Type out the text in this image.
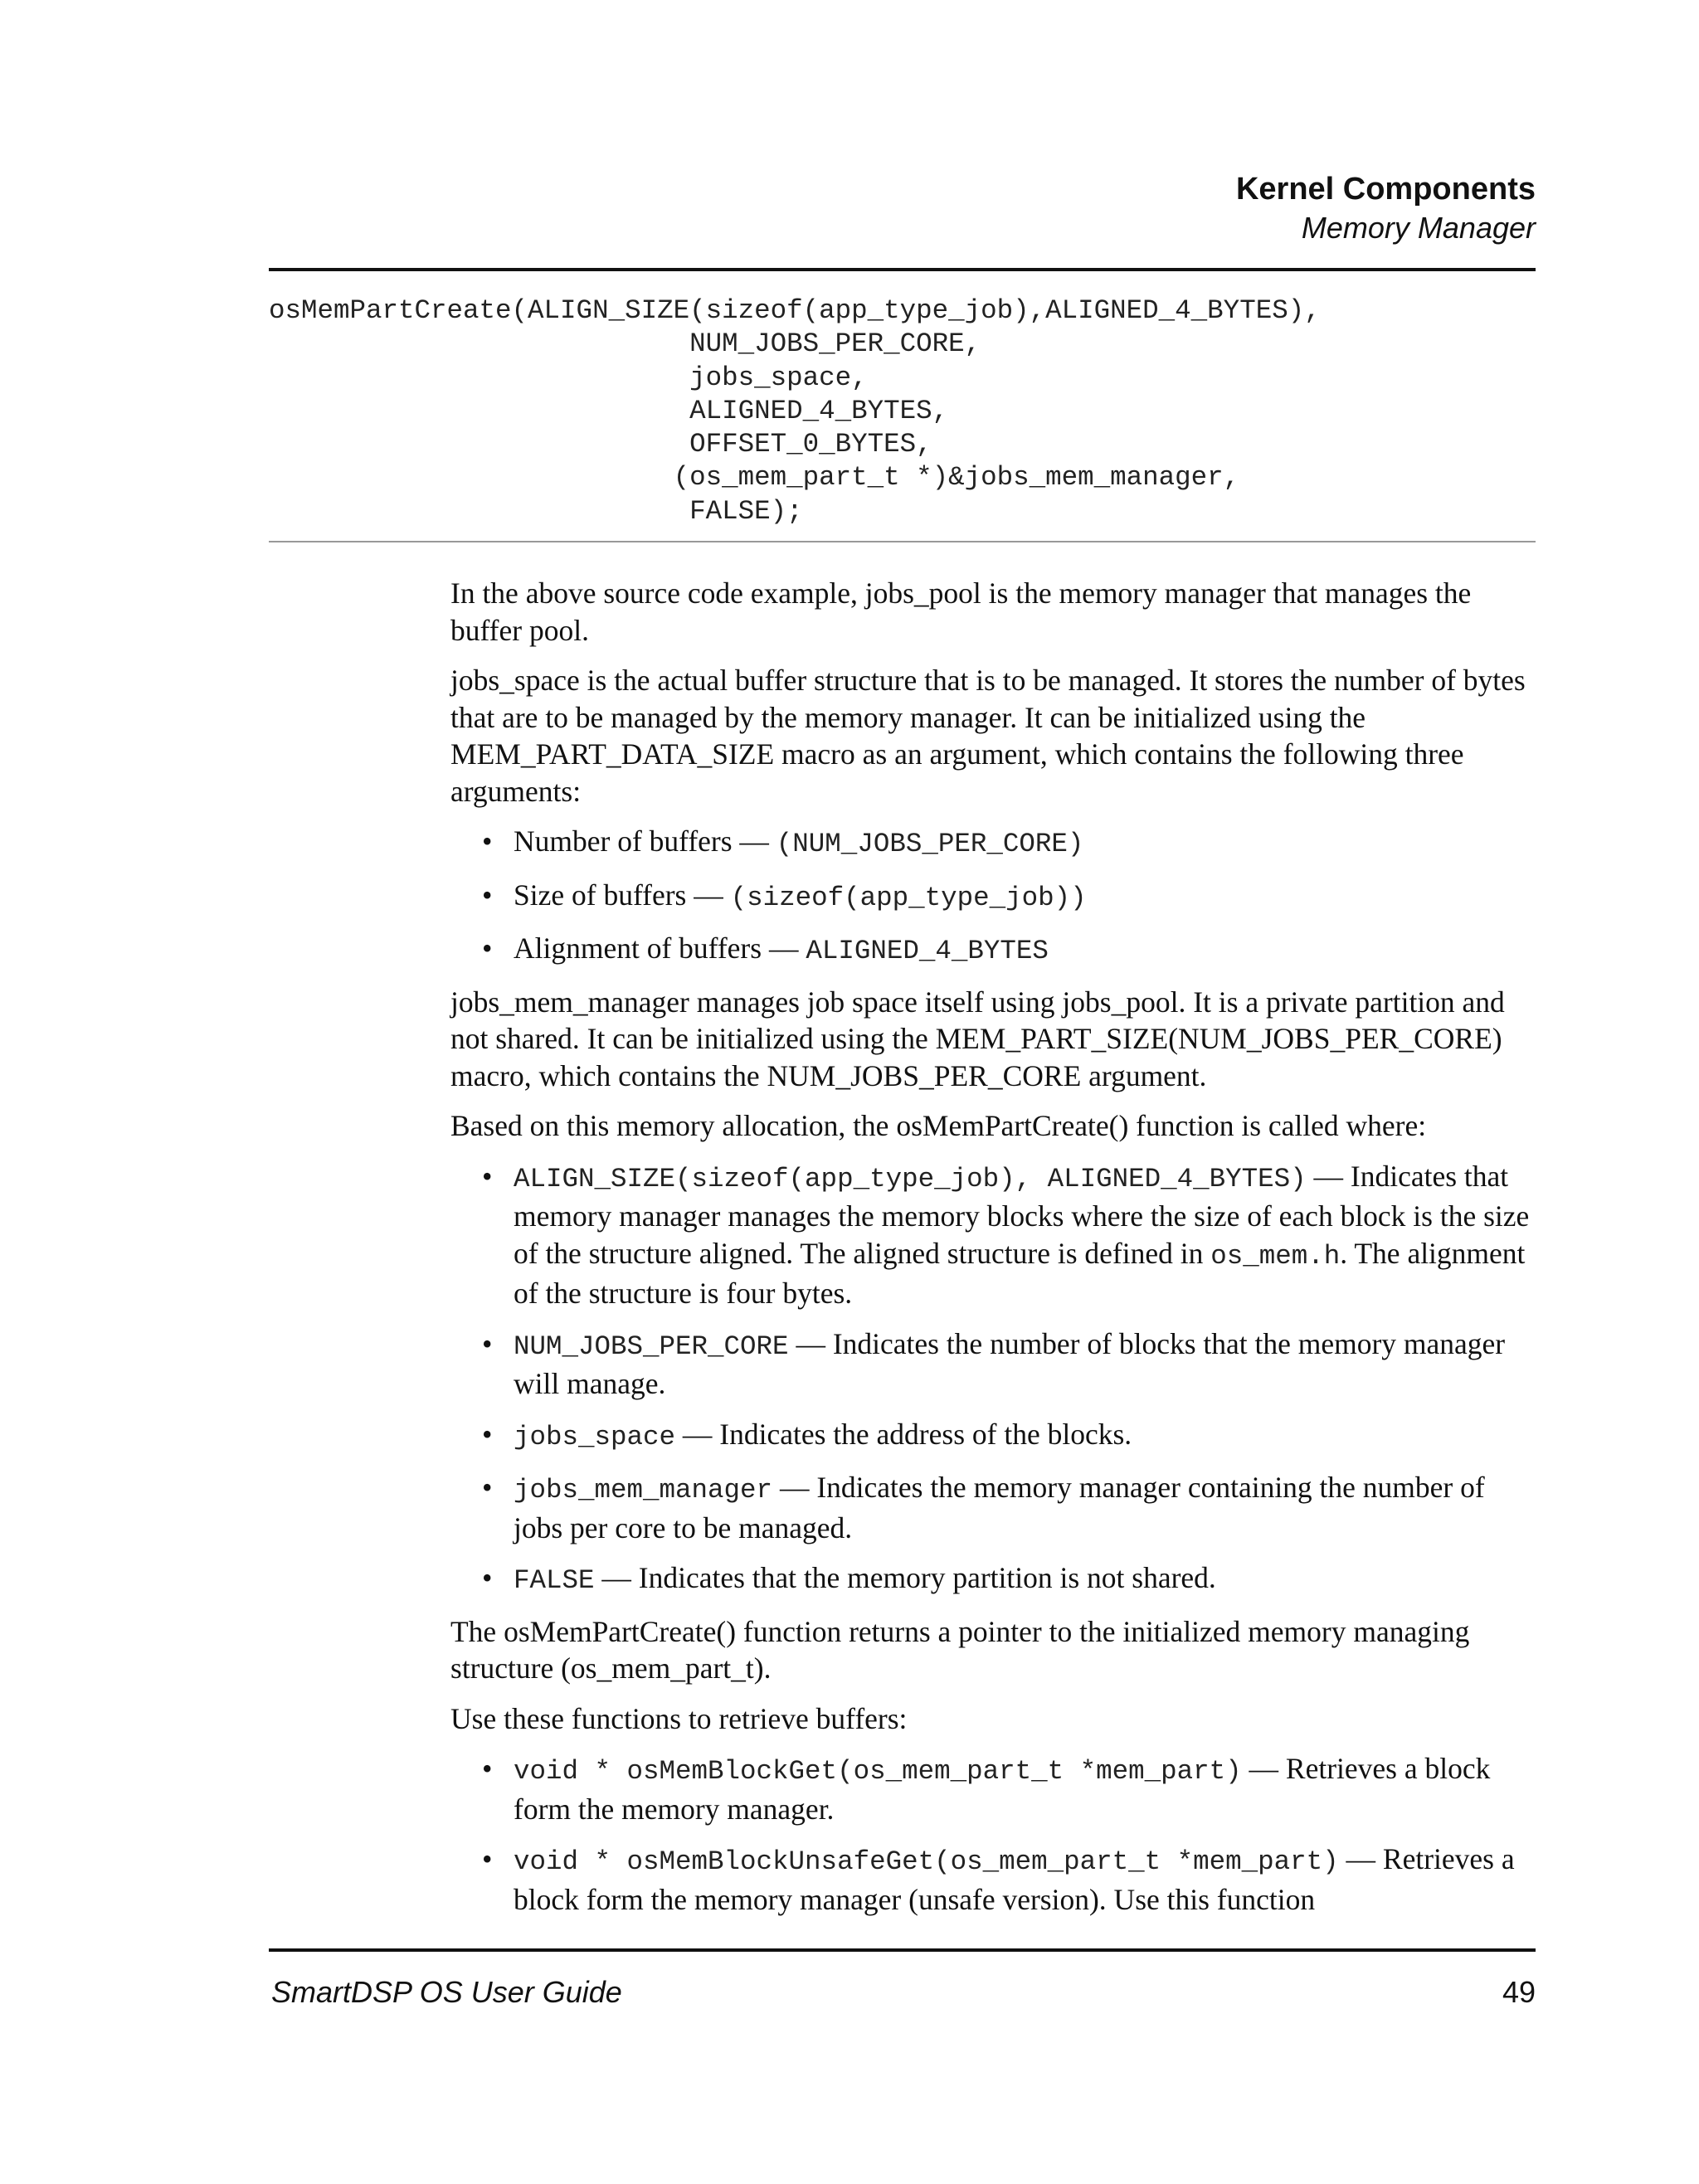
Kernel Components
Memory Manager
osMemPartCreate(ALIGN_SIZE(sizeof(app_type_job),ALIGNED_4_BYTES),
NUM_JOBS_PER_CORE,
jobs_space,
ALIGNED_4_BYTES,
OFFSET_0_BYTES,
(os_mem_part_t *)&jobs_mem_manager,
FALSE);

In the above source code example, jobs_pool is the memory manager that manages the buffer pool.

jobs_space is the actual buffer structure that is to be managed. It stores the number of bytes that are to be managed by the memory manager. It can be initialized using the MEM_PART_DATA_SIZE macro as an argument, which contains the following three arguments:

• Number of buffers — (NUM_JOBS_PER_CORE)
• Size of buffers — (sizeof(app_type_job))
• Alignment of buffers — ALIGNED_4_BYTES

jobs_mem_manager manages job space itself using jobs_pool. It is a private partition and not shared. It can be initialized using the MEM_PART_SIZE(NUM_JOBS_PER_CORE) macro, which contains the NUM_JOBS_PER_CORE argument.

Based on this memory allocation, the osMemPartCreate() function is called where:

• ALIGN_SIZE(sizeof(app_type_job), ALIGNED_4_BYTES) — Indicates that memory manager manages the memory blocks where the size of each block is the size of the structure aligned. The aligned structure is defined in os_mem.h. The alignment of the structure is four bytes.
• NUM_JOBS_PER_CORE — Indicates the number of blocks that the memory manager will manage.
• jobs_space — Indicates the address of the blocks.
• jobs_mem_manager — Indicates the memory manager containing the number of jobs per core to be managed.
• FALSE — Indicates that the memory partition is not shared.

The osMemPartCreate() function returns a pointer to the initialized memory managing structure (os_mem_part_t).

Use these functions to retrieve buffers:

• void * osMemBlockGet(os_mem_part_t *mem_part) — Retrieves a block form the memory manager.
• void * osMemBlockUnsafeGet(os_mem_part_t *mem_part) — Retrieves a block form the memory manager (unsafe version). Use this function
SmartDSP OS User Guide	49
